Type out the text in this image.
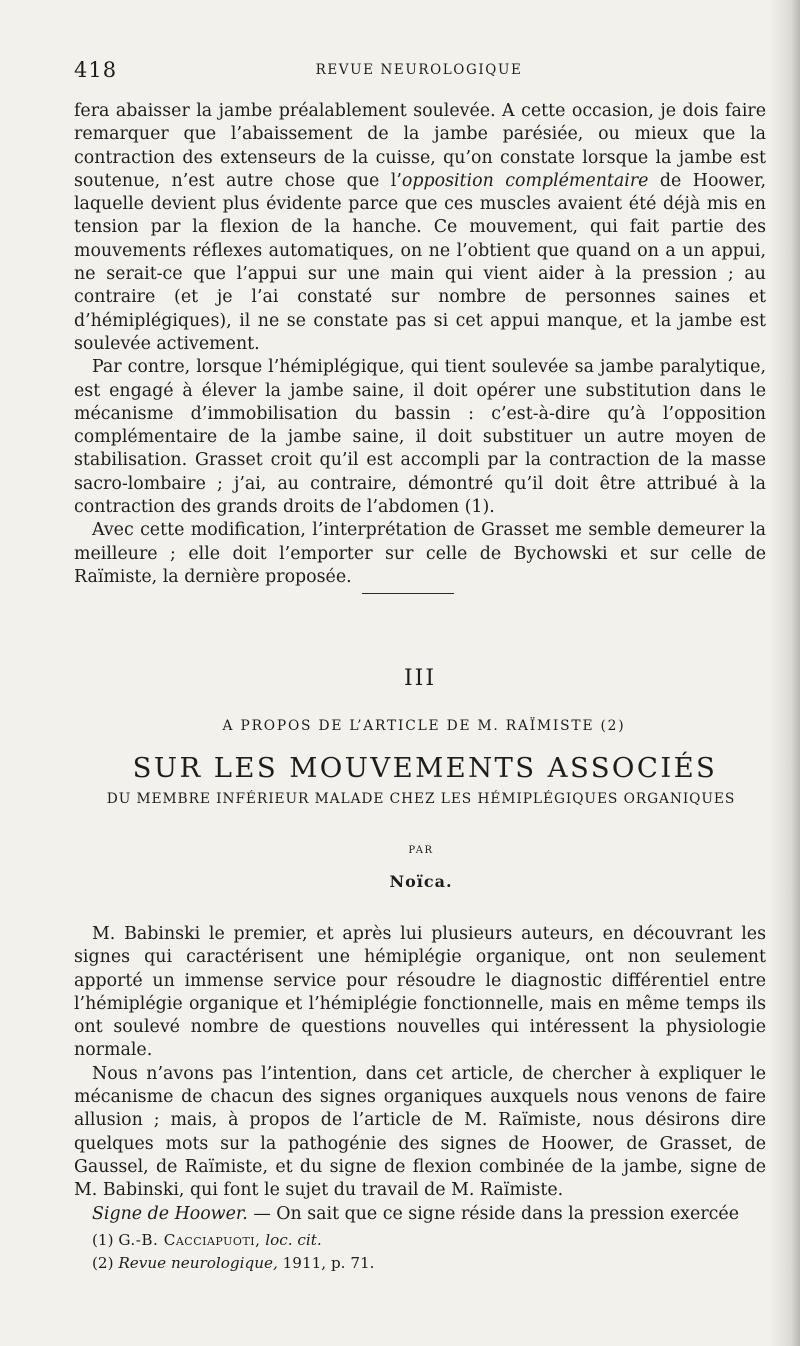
418	REVUE NEUROLOGIQUE

fera abaisser la jambe préalablement soulevée. A cette occasion, je dois faire remarquer que l’abaissement de la jambe parésiée, ou mieux que la contraction des extenseurs de la cuisse, qu’on constate lorsque la jambe est soutenue, n’est autre chose que l’opposition complémentaire de Hoower, laquelle devient plus évidente parce que ces muscles avaient été déjà mis en tension par la flexion de la hanche. Ce mouvement, qui fait partie des mouvements réflexes automatiques, on ne l’obtient que quand on a un appui, ne serait-ce que l’appui sur une main qui vient aider à la pression ; au contraire (et je l’ai constaté sur nombre de personnes saines et d’hémiplégiques), il ne se constate pas si cet appui manque, et la jambe est soulevée activement.

Par contre, lorsque l’hémiplégique, qui tient soulevée sa jambe paralytique, est engagé à élever la jambe saine, il doit opérer une substitution dans le mécanisme d’immobilisation du bassin : c’est-à-dire qu’à l’opposition complémentaire de la jambe saine, il doit substituer un autre moyen de stabilisation. Grasset croit qu’il est accompli par la contraction de la masse sacro-lombaire ; j’ai, au contraire, démontré qu’il doit être attribué à la contraction des grands droits de l’abdomen (1).

Avec cette modification, l’interprétation de Grasset me semble demeurer la meilleure ; elle doit l’emporter sur celle de Bychowski et sur celle de Raïmiste, la dernière proposée.

III
A PROPOS DE L’ARTICLE DE M. RAÏMISTE (2)
SUR LES MOUVEMENTS ASSOCIÉS
DU MEMBRE INFÉRIEUR MALADE CHEZ LES HÉMIPLÉGIQUES ORGANIQUES
PAR
Noïca.

M. Babinski le premier, et après lui plusieurs auteurs, en découvrant les signes qui caractérisent une hémiplégie organique, ont non seulement apporté un immense service pour résoudre le diagnostic différentiel entre l’hémiplégie organique et l’hémiplégie fonctionnelle, mais en même temps ils ont soulevé nombre de questions nouvelles qui intéressent la physiologie normale.

Nous n’avons pas l’intention, dans cet article, de chercher à expliquer le mécanisme de chacun des signes organiques auxquels nous venons de faire allusion ; mais, à propos de l’article de M. Raïmiste, nous désirons dire quelques mots sur la pathogénie des signes de Hoower, de Grasset, de Gaussel, de Raïmiste, et du signe de flexion combinée de la jambe, signe de M. Babinski, qui font le sujet du travail de M. Raïmiste.

Signe de Hoower. — On sait que ce signe réside dans la pression exercée

(1) G.-B. Cacciapuoti, loc. cit.
(2) Revue neurologique, 1911, p. 71.
